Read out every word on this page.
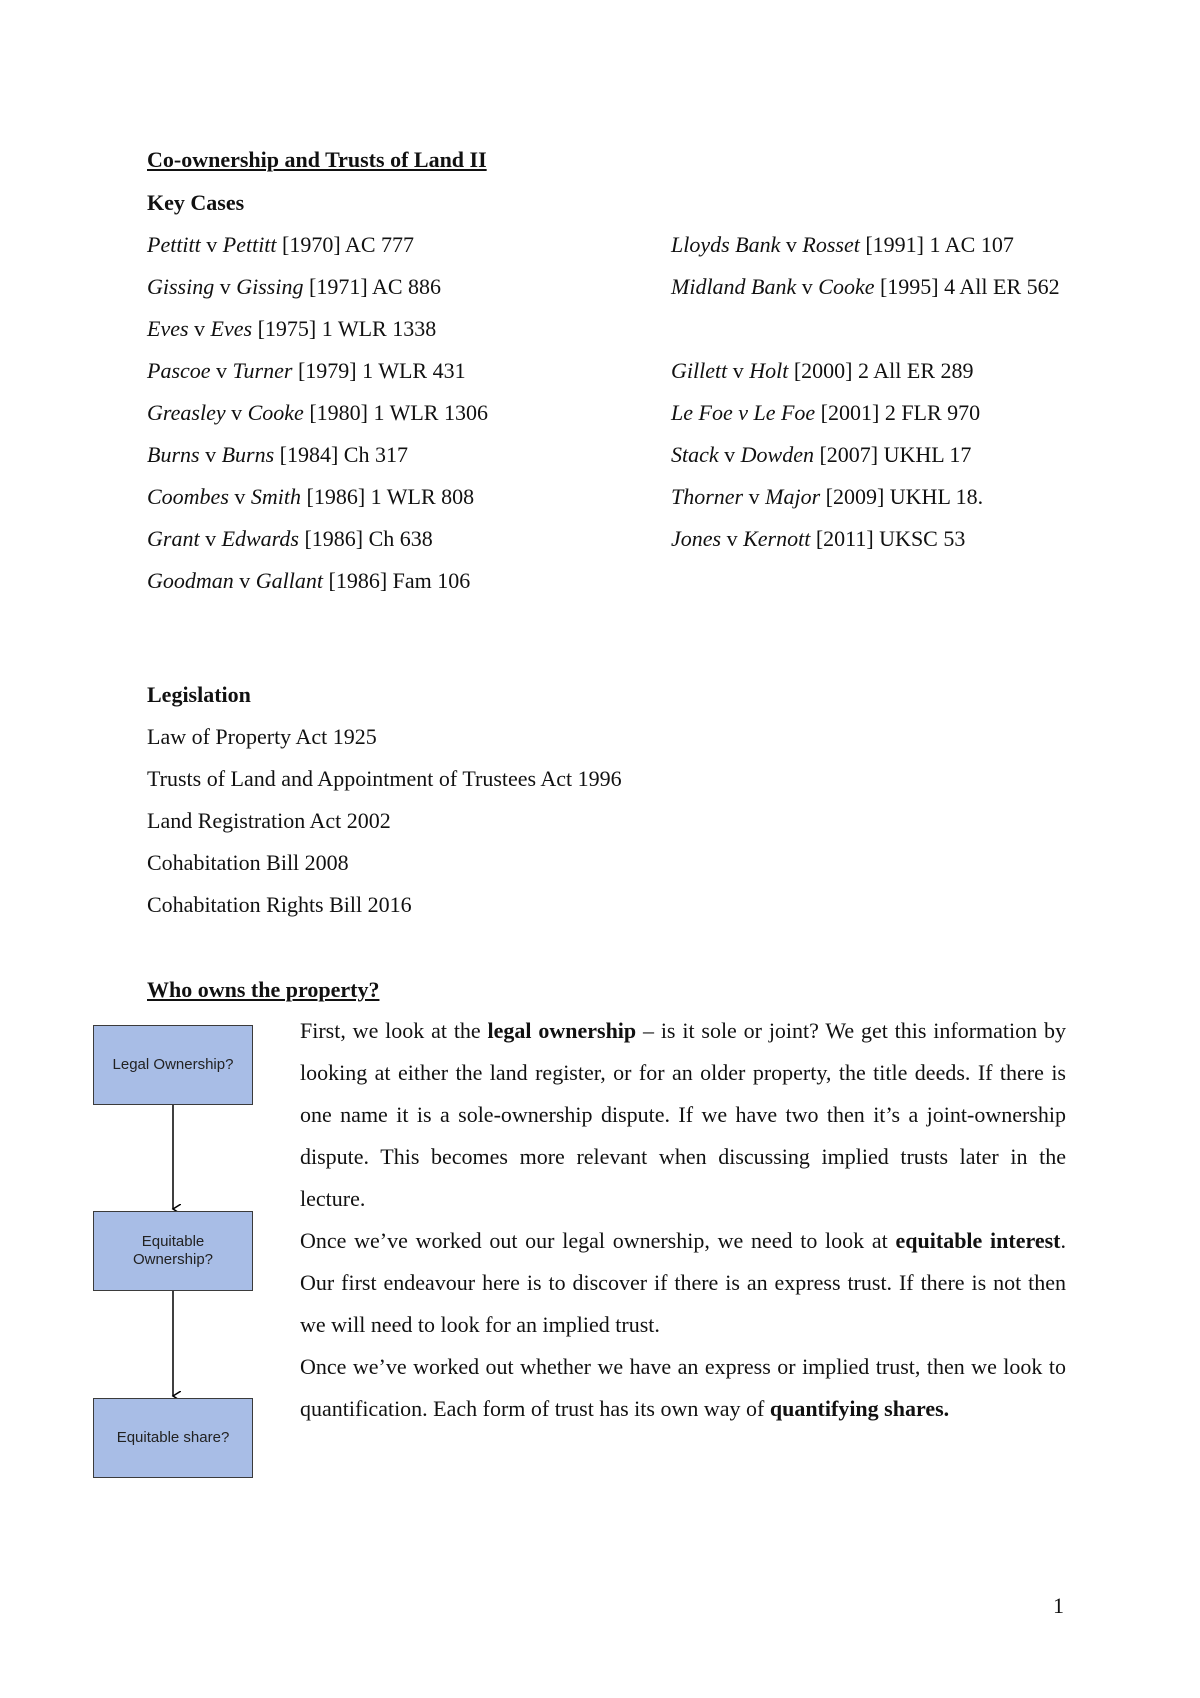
Co-ownership and Trusts of Land II
Key Cases
Pettitt v Pettitt [1970] AC 777
Gissing v Gissing [1971] AC 886
Eves v Eves [1975] 1 WLR 1338
Pascoe v Turner [1979] 1 WLR 431
Greasley v Cooke [1980] 1 WLR 1306
Burns v Burns [1984] Ch 317
Coombes v Smith [1986] 1 WLR 808
Grant v Edwards [1986] Ch 638
Goodman v Gallant [1986] Fam 106
Lloyds Bank v Rosset [1991] 1 AC 107
Midland Bank v Cooke [1995] 4 All ER 562
Gillett v Holt [2000] 2 All ER 289
Le Foe v Le Foe [2001] 2 FLR 970
Stack v Dowden [2007] UKHL 17
Thorner v Major [2009] UKHL 18.
Jones v Kernott [2011] UKSC 53
Legislation
Law of Property Act 1925
Trusts of Land and Appointment of Trustees Act 1996
Land Registration Act 2002
Cohabitation Bill 2008
Cohabitation Rights Bill 2016
Who owns the property?

First, we look at the legal ownership – is it sole or joint? We get this information by looking at either the land register, or for an older property, the title deeds. If there is one name it is a sole-ownership dispute. If we have two then it’s a joint-ownership dispute. This becomes more relevant when discussing implied trusts later in the lecture.

Once we’ve worked out our legal ownership, we need to look at equitable interest. Our first endeavour here is to discover if there is an express trust. If there is not then we will need to look for an implied trust.

Once we’ve worked out whether we have an express or implied trust, then we look to quantification. Each form of trust has its own way of quantifying shares.

Legal Ownership?
Equitable Ownership?
Equitable share?
1
